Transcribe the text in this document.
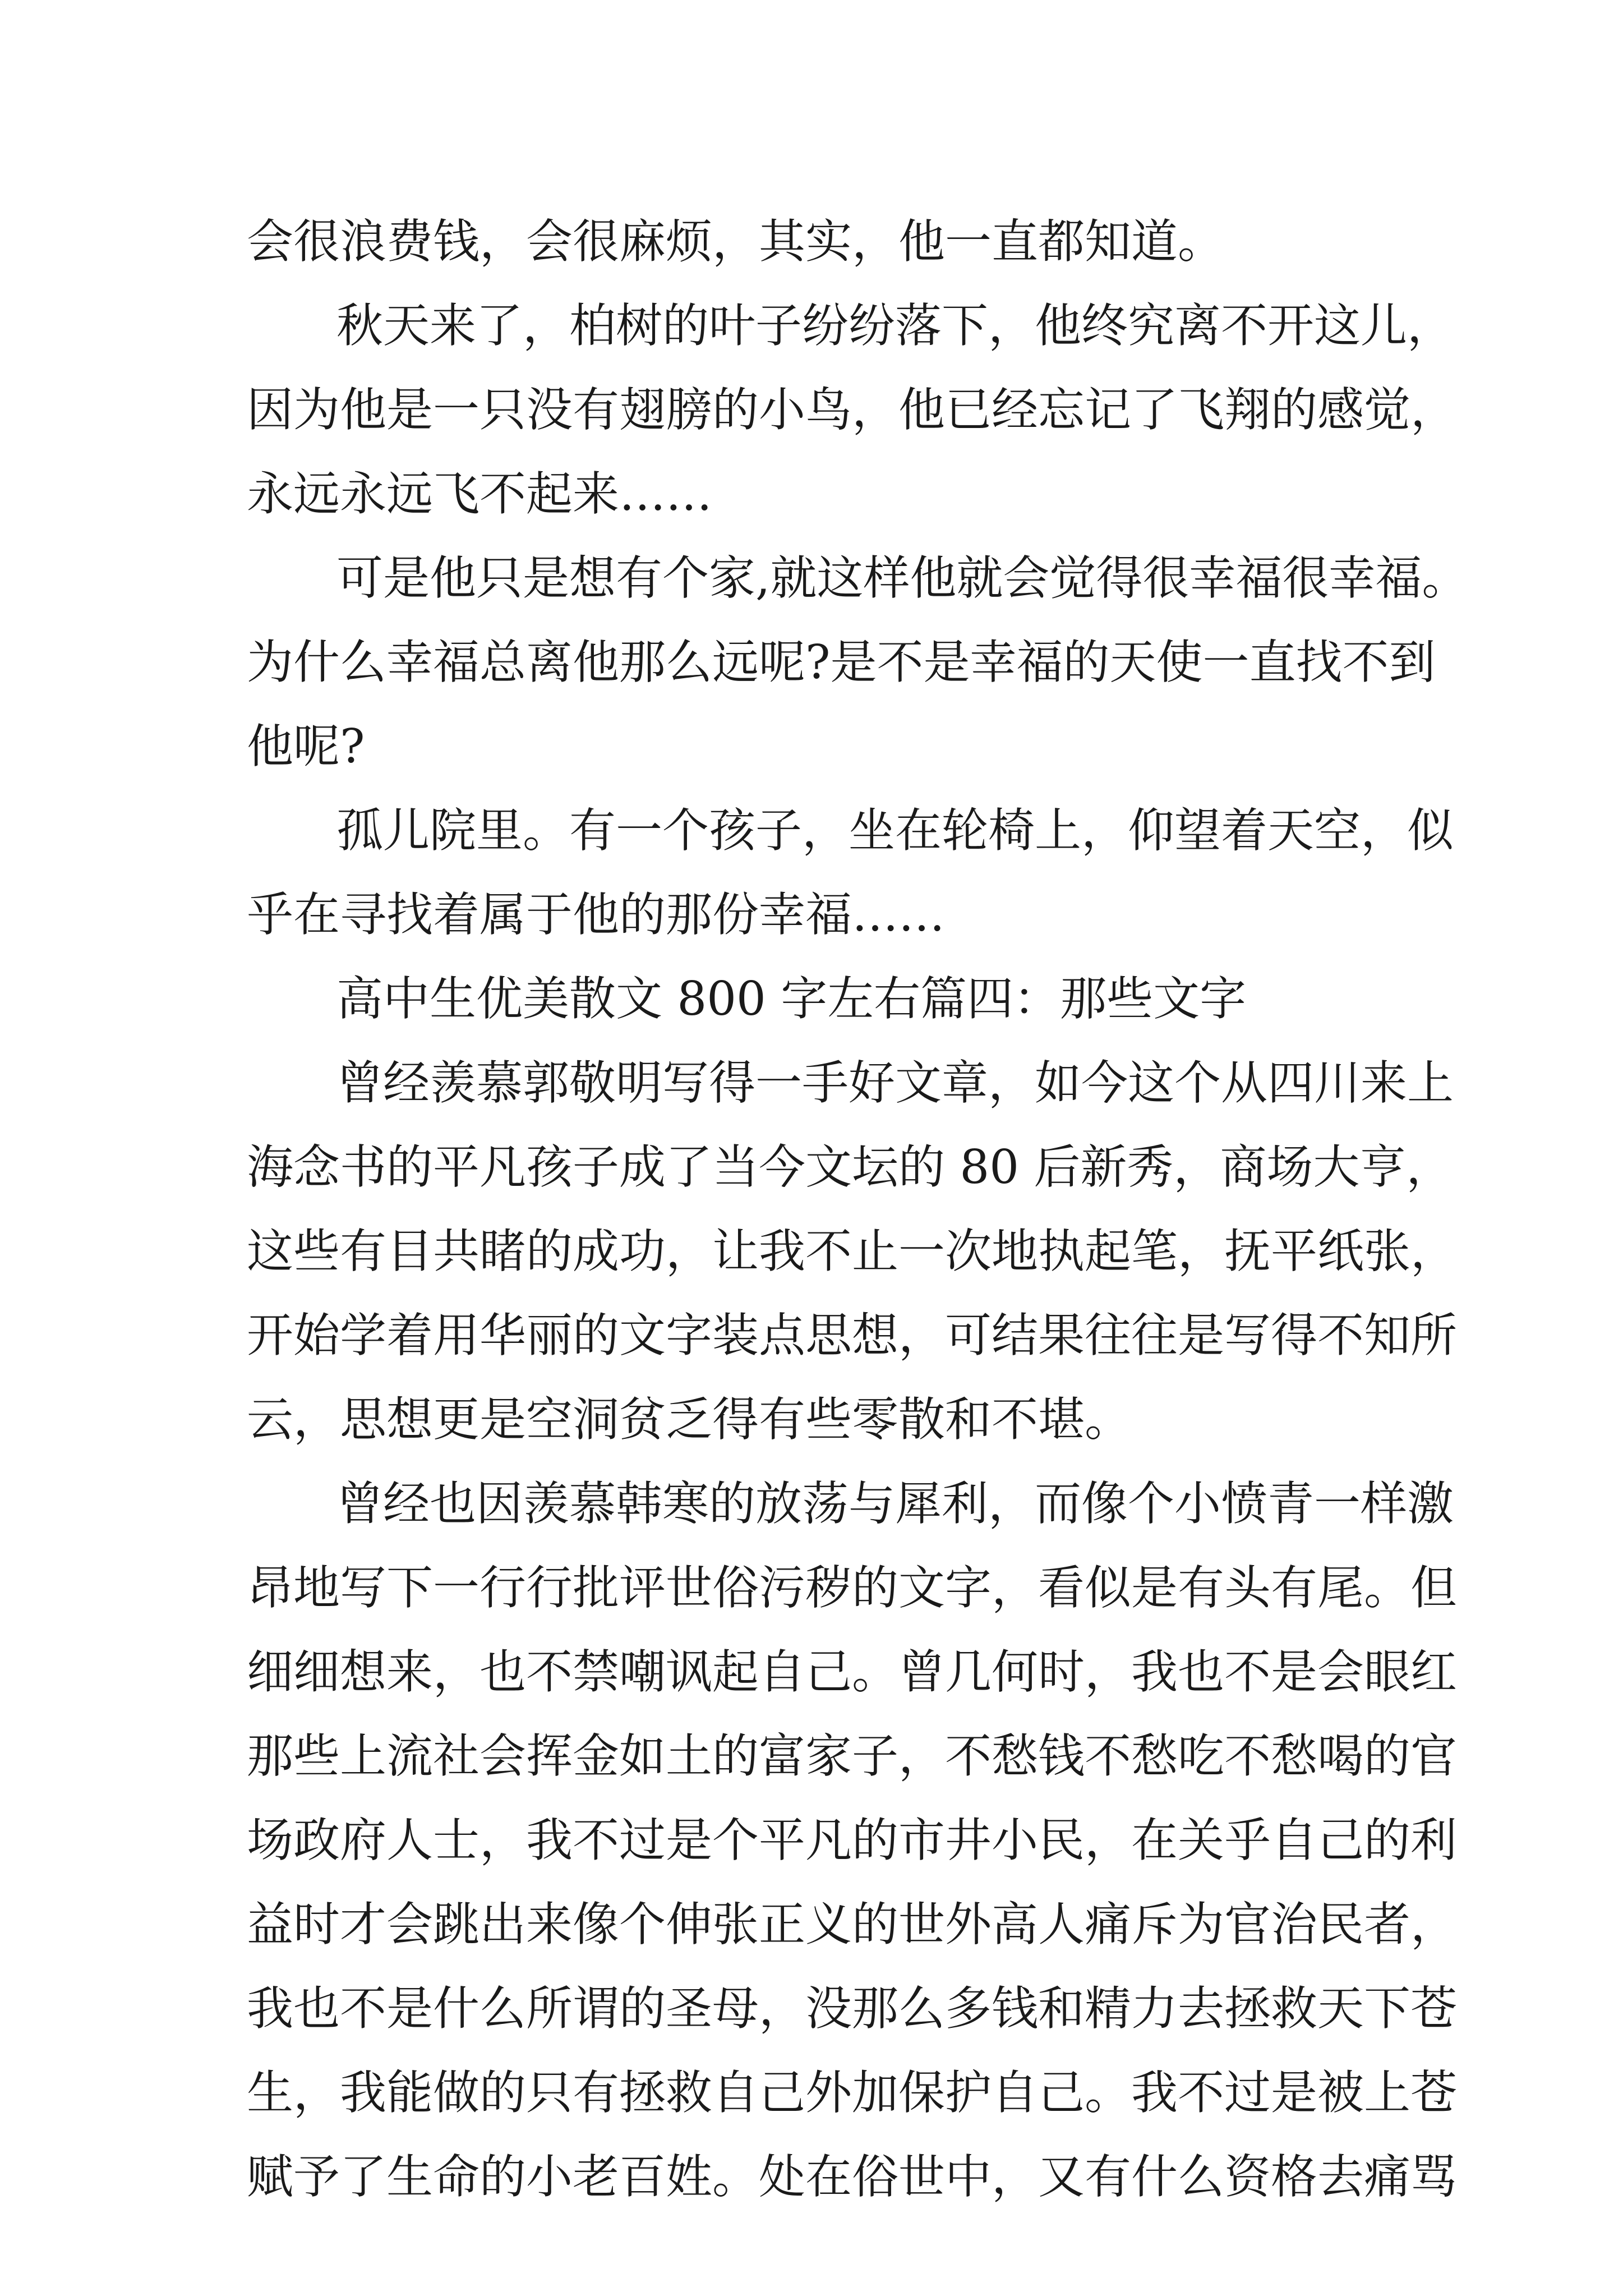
会很浪费钱，会很麻烦，其实，他一直都知道。
秋天来了，柏树的叶子纷纷落下，他终究离不开这儿，
因为他是一只没有翅膀的小鸟，他已经忘记了飞翔的感觉，
永远永远飞不起来……
可是他只是想有个家,就这样他就会觉得很幸福很幸福。
为什么幸福总离他那么远呢?是不是幸福的天使一直找不到
他呢?
孤儿院里。有一个孩子，坐在轮椅上，仰望着天空，似
乎在寻找着属于他的那份幸福……
高中生优美散文 800 字左右篇四：那些文字
曾经羡慕郭敬明写得一手好文章，如今这个从四川来上
海念书的平凡孩子成了当今文坛的 80 后新秀，商场大亨，
这些有目共睹的成功，让我不止一次地执起笔，抚平纸张，
开始学着用华丽的文字装点思想，可结果往往是写得不知所
云，思想更是空洞贫乏得有些零散和不堪。
曾经也因羡慕韩寒的放荡与犀利，而像个小愤青一样激
昂地写下一行行批评世俗污秽的文字，看似是有头有尾。但
细细想来，也不禁嘲讽起自己。曾几何时，我也不是会眼红
那些上流社会挥金如土的富家子，不愁钱不愁吃不愁喝的官
场政府人士，我不过是个平凡的市井小民，在关乎自己的利
益时才会跳出来像个伸张正义的世外高人痛斥为官治民者，
我也不是什么所谓的圣母，没那么多钱和精力去拯救天下苍
生，我能做的只有拯救自己外加保护自己。我不过是被上苍
赋予了生命的小老百姓。处在俗世中，又有什么资格去痛骂
